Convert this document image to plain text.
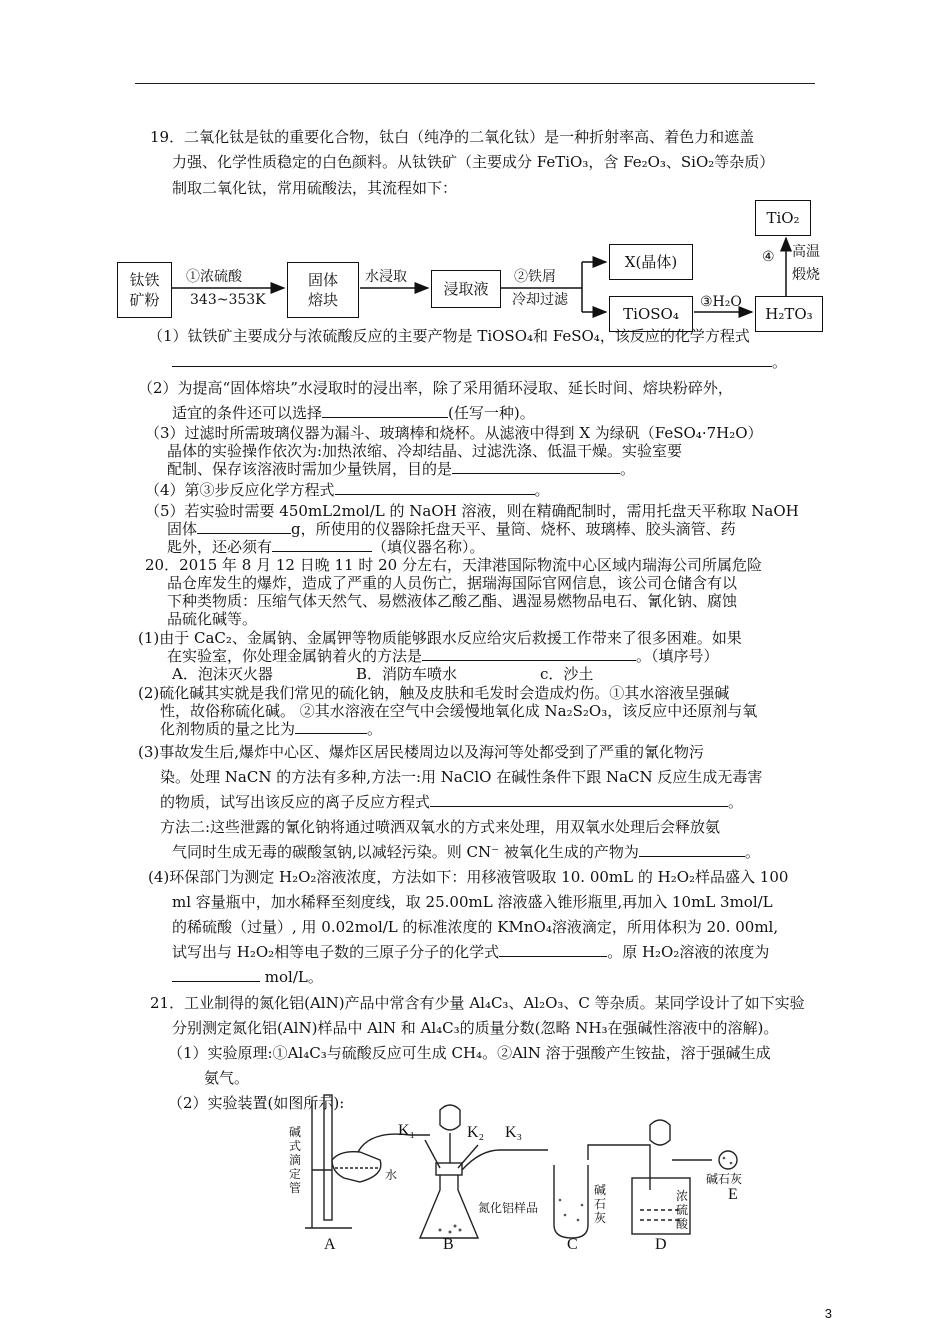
19．二氧化钛是钛的重要化合物，钛白（纯净的二氧化钛）是一种折射率高、着色力和遮盖
力强、化学性质稳定的白色颜料。从钛铁矿（主要成分 FeTiO₃，含 Fe₂O₃、SiO₂等杂质）
制取二氧化钛，常用硫酸法，其流程如下：
钛铁
矿粉
①浓硫酸
343~353K
固体
熔块
水浸取
浸取液
②铁屑
冷却过滤
X(晶体)
TiOSO₄
③H₂O
H₂TO₃
④ 高温
煅烧
TiO₂
（1）钛铁矿主要成分与浓硫酸反应的主要产物是 TiOSO₄和 FeSO₄，该反应的化学方程式
。
（2）为提高“固体熔块”水浸取时的浸出率，除了采用循环浸取、延长时间、熔块粉碎外，
适宜的条件还可以选择	(任写一种)。
（3）过滤时所需玻璃仪器为漏斗、玻璃棒和烧杯。从滤液中得到 X 为绿矾（FeSO₄·7H₂O）
晶体的实验操作依次为:加热浓缩、冷却结晶、过滤洗涤、低温干燥。实验室要
配制、保存该溶液时需加少量铁屑，目的是	。
（4）第③步反应化学方程式	。
（5）若实验时需要 450mL2mol/L 的 NaOH 溶液，则在精确配制时，需用托盘天平称取 NaOH
固体	g，所使用的仪器除托盘天平、量筒、烧杯、玻璃棒、胶头滴管、药
匙外，还必须有	（填仪器名称）。
20．2015 年 8 月 12 日晚 11 时 20 分左右，天津港国际物流中心区域内瑞海公司所属危险
品仓库发生的爆炸，造成了严重的人员伤亡，据瑞海国际官网信息，该公司仓储含有以
下种类物质：压缩气体天然气、易燃液体乙酸乙酯、遇湿易燃物品电石、氰化钠、腐蚀
品硫化碱等。
(1)由于 CaC₂、金属钠、金属钾等物质能够跟水反应给灾后救援工作带来了很多困难。如果
在实验室，你处理金属钠着火的方法是	。（填序号）
A．泡沫灭火器	B．消防车喷水	c．沙土
(2)硫化碱其实就是我们常见的硫化钠，触及皮肤和毛发时会造成灼伤。①其水溶液呈强碱
性，故俗称硫化碱。 ②其水溶液在空气中会缓慢地氧化成 Na₂S₂O₃，该反应中还原剂与氧
化剂物质的量之比为	。
(3)事故发生后,爆炸中心区、爆炸区居民楼周边以及海河等处都受到了严重的氰化物污
染。处理 NaCN 的方法有多种,方法一:用 NaClO 在碱性条件下跟 NaCN 反应生成无毒害
的物质，试写出该反应的离子反应方程式	。
方法二:这些泄露的氰化钠将通过喷洒双氧水的方式来处理，用双氧水处理后会释放氨
气同时生成无毒的碳酸氢钠,以减轻污染。则 CN⁻ 被氧化生成的产物为	。
(4)环保部门为测定 H₂O₂溶液浓度，方法如下：用移液管吸取 10. 00mL 的 H₂O₂样品盛入 100
ml 容量瓶中，加水稀释至刻度线，取 25.00mL 溶液盛入锥形瓶里,再加入 10mL 3mol/L
的稀硫酸（过量）, 用 0.02mol/L 的标准浓度的 KMnO₄溶液滴定，所用体积为 20. 00ml,
试写出与 H₂O₂相等电子数的三原子分子的化学式	。原 H₂O₂溶液的浓度为
mol/L。
21．工业制得的氮化铝(AlN)产品中常含有少量 Al₄C₃、Al₂O₃、C 等杂质。某同学设计了如下实验
分别测定氮化铝(AlN)样品中 AlN 和 Al₄C₃的质量分数(忽略 NH₃在强碱性溶液中的溶解)。
（1）实验原理:①Al₄C₃与硫酸反应可生成 CH₄。②AlN 溶于强酸产生铵盐，溶于强碱生成
氨气。
（2）实验装置(如图所示):
碱式滴定管
水
K₁	K₂ K₃
氮化铝样品
碱石灰
浓硫酸
碱石灰
A	B	C	D
E
3
